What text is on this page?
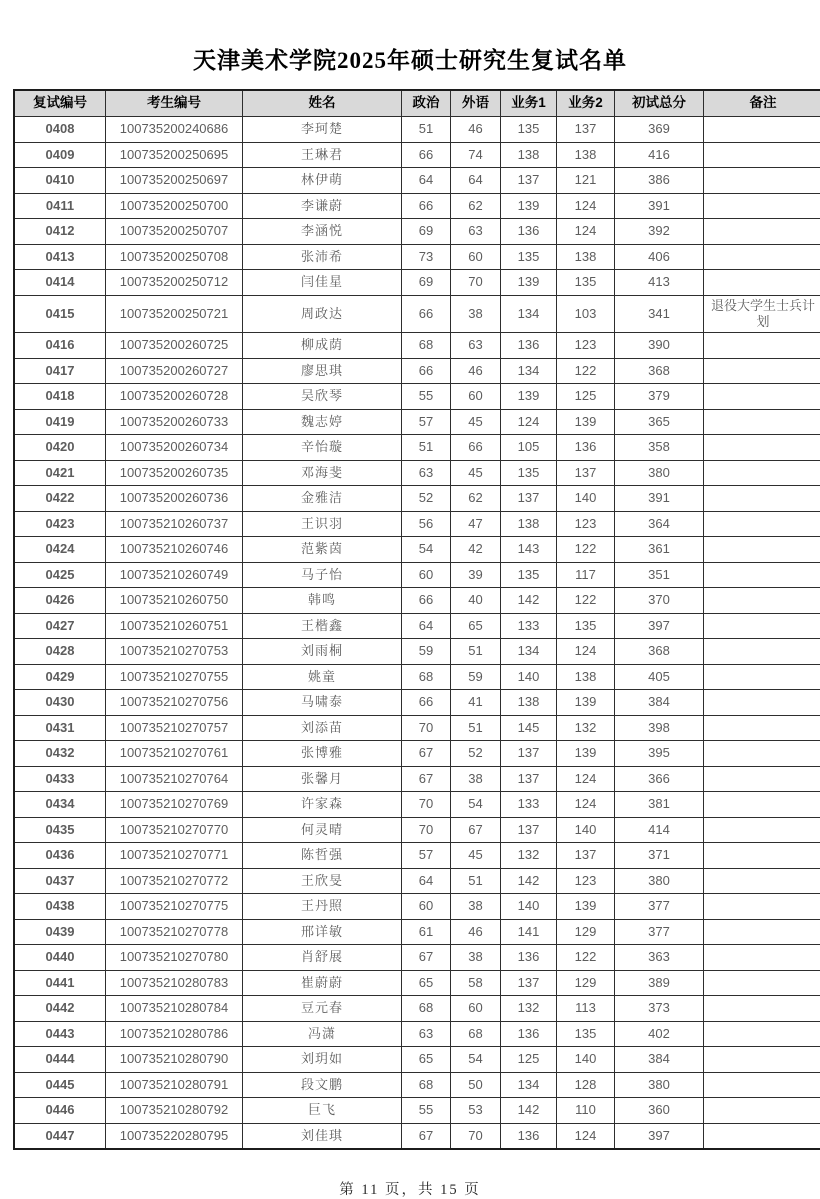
天津美术学院2025年硕士研究生复试名单
复试编号	考生编号	姓名	政治	外语	业务1	业务2	初试总分	备注
0408	100735200240686	李珂楚	51	46	135	137	369	
0409	100735200250695	王琳君	66	74	138	138	416	
0410	100735200250697	林伊萌	64	64	137	121	386	
0411	100735200250700	李谦蔚	66	62	139	124	391	
0412	100735200250707	李涵悦	69	63	136	124	392	
0413	100735200250708	张沛希	73	60	135	138	406	
0414	100735200250712	闫佳星	69	70	139	135	413	
0415	100735200250721	周政达	66	38	134	103	341	退役大学生士兵计划
0416	100735200260725	柳成荫	68	63	136	123	390	
0417	100735200260727	廖思琪	66	46	134	122	368	
0418	100735200260728	吴欣琴	55	60	139	125	379	
0419	100735200260733	魏志婷	57	45	124	139	365	
0420	100735200260734	辛怡璇	51	66	105	136	358	
0421	100735200260735	邓海斐	63	45	135	137	380	
0422	100735200260736	金雅洁	52	62	137	140	391	
0423	100735210260737	王识羽	56	47	138	123	364	
0424	100735210260746	范紫茵	54	42	143	122	361	
0425	100735210260749	马子怡	60	39	135	117	351	
0426	100735210260750	韩鸣	66	40	142	122	370	
0427	100735210260751	王楷鑫	64	65	133	135	397	
0428	100735210270753	刘雨桐	59	51	134	124	368	
0429	100735210270755	姚童	68	59	140	138	405	
0430	100735210270756	马啸泰	66	41	138	139	384	
0431	100735210270757	刘添苗	70	51	145	132	398	
0432	100735210270761	张博雅	67	52	137	139	395	
0433	100735210270764	张馨月	67	38	137	124	366	
0434	100735210270769	许家森	70	54	133	124	381	
0435	100735210270770	何灵晴	70	67	137	140	414	
0436	100735210270771	陈哲强	57	45	132	137	371	
0437	100735210270772	王欣旻	64	51	142	123	380	
0438	100735210270775	王丹照	60	38	140	139	377	
0439	100735210270778	邢详敏	61	46	141	129	377	
0440	100735210270780	肖舒展	67	38	136	122	363	
0441	100735210280783	崔蔚蔚	65	58	137	129	389	
0442	100735210280784	豆元春	68	60	132	113	373	
0443	100735210280786	冯潇	63	68	136	135	402	
0444	100735210280790	刘玥如	65	54	125	140	384	
0445	100735210280791	段文鹏	68	50	134	128	380	
0446	100735210280792	巨飞	55	53	142	110	360	
0447	100735220280795	刘佳琪	67	70	136	124	397	
第 11 页，共 15 页
